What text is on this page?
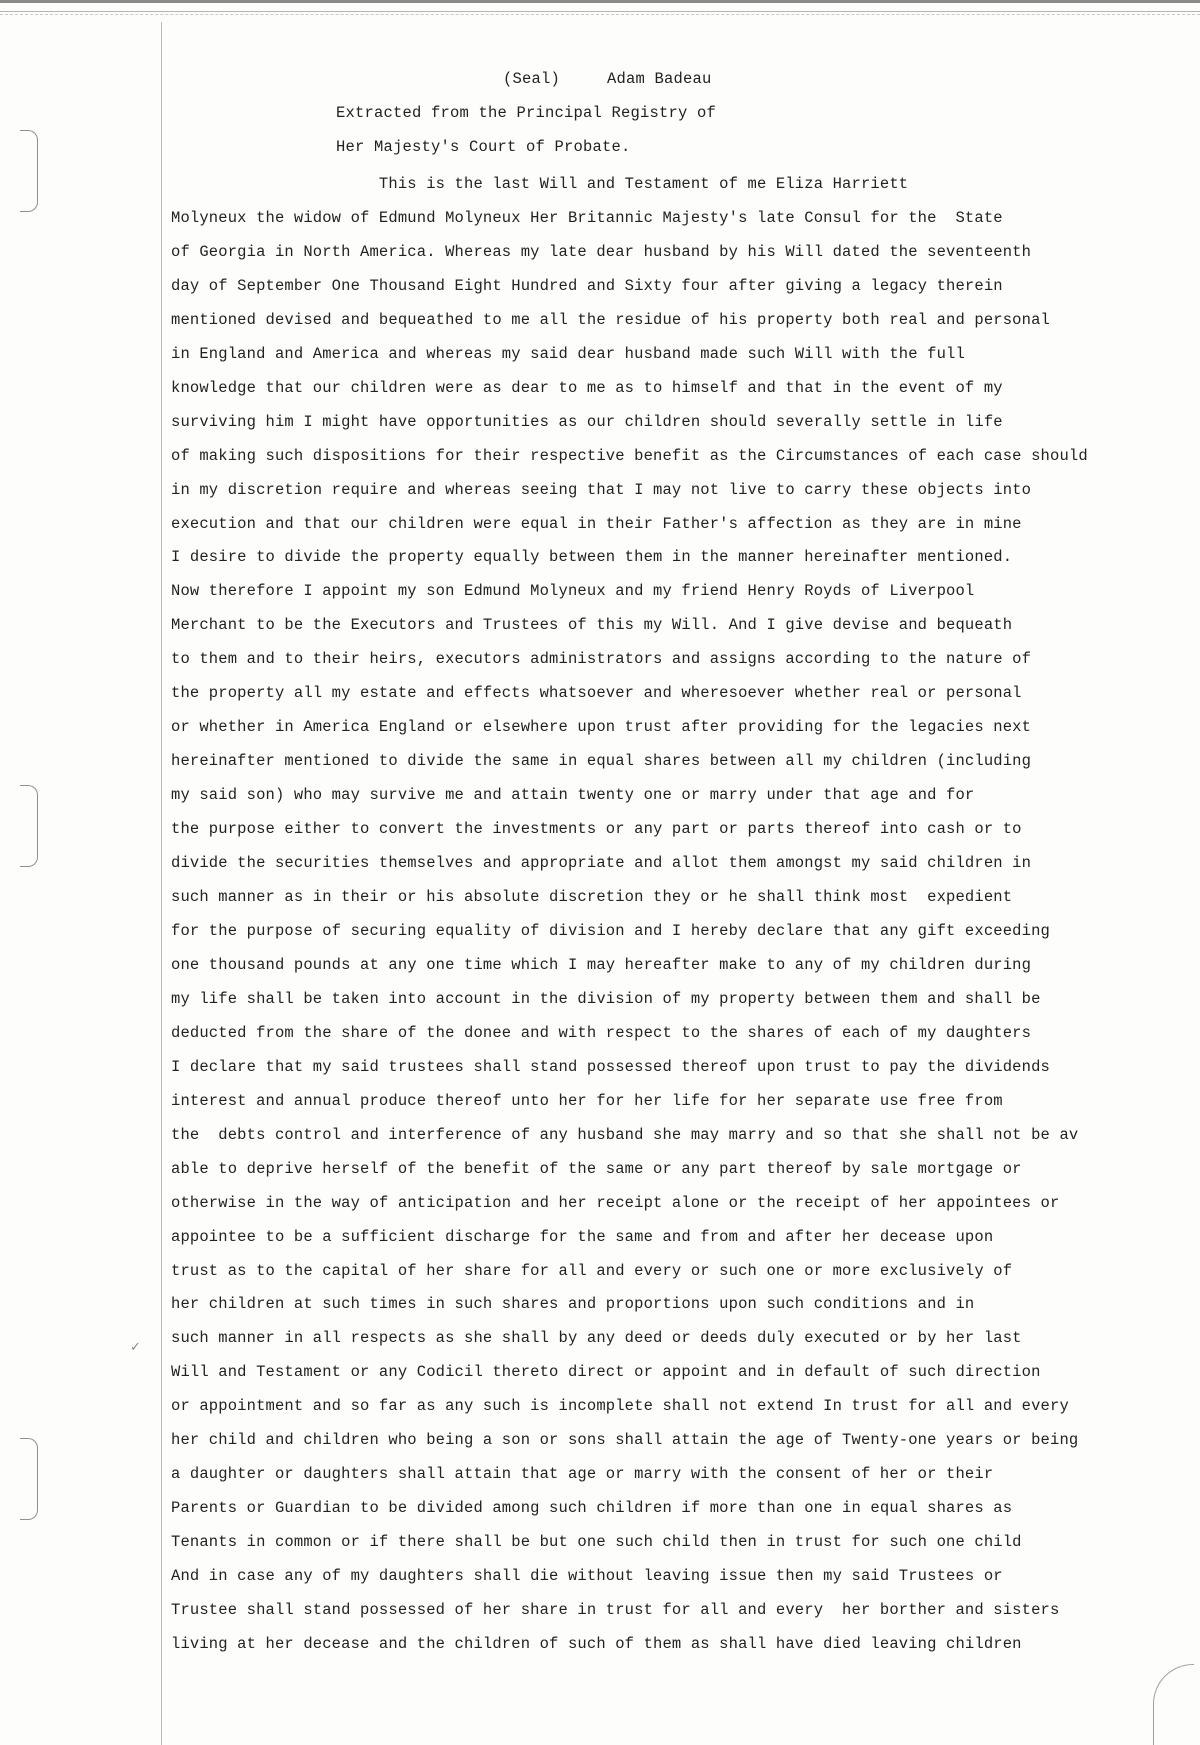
✓
(Seal)	Adam Badeau
Extracted from the Principal Registry of
Her Majesty's Court of Probate.
This is the last Will and Testament of me Eliza Harriett
Molyneux the widow of Edmund Molyneux Her Britannic Majesty's late Consul for the  State
of Georgia in North America. Whereas my late dear husband by his Will dated the seventeenth
day of September One Thousand Eight Hundred and Sixty four after giving a legacy therein
mentioned devised and bequeathed to me all the residue of his property both real and personal
in England and America and whereas my said dear husband made such Will with the full
knowledge that our children were as dear to me as to himself and that in the event of my
surviving him I might have opportunities as our children should severally settle in life
of making such dispositions for their respective benefit as the Circumstances of each case should
in my discretion require and whereas seeing that I may not live to carry these objects into
execution and that our children were equal in their Father's affection as they are in mine
I desire to divide the property equally between them in the manner hereinafter mentioned.
Now therefore I appoint my son Edmund Molyneux and my friend Henry Royds of Liverpool
Merchant to be the Executors and Trustees of this my Will. And I give devise and bequeath
to them and to their heirs, executors administrators and assigns according to the nature of
the property all my estate and effects whatsoever and wheresoever whether real or personal
or whether in America England or elsewhere upon trust after providing for the legacies next
hereinafter mentioned to divide the same in equal shares between all my children (including
my said son) who may survive me and attain twenty one or marry under that age and for
the purpose either to convert the investments or any part or parts thereof into cash or to
divide the securities themselves and appropriate and allot them amongst my said children in
such manner as in their or his absolute discretion they or he shall think most  expedient
for the purpose of securing equality of division and I hereby declare that any gift exceeding
one thousand pounds at any one time which I may hereafter make to any of my children during
my life shall be taken into account in the division of my property between them and shall be
deducted from the share of the donee and with respect to the shares of each of my daughters
I declare that my said trustees shall stand possessed thereof upon trust to pay the dividends
interest and annual produce thereof unto her for her life for her separate use free from
the  debts control and interference of any husband she may marry and so that she shall not be av
able to deprive herself of the benefit of the same or any part thereof by sale mortgage or
otherwise in the way of anticipation and her receipt alone or the receipt of her appointees or
appointee to be a sufficient discharge for the same and from and after her decease upon
trust as to the capital of her share for all and every or such one or more exclusively of
her children at such times in such shares and proportions upon such conditions and in
such manner in all respects as she shall by any deed or deeds duly executed or by her last
Will and Testament or any Codicil thereto direct or appoint and in default of such direction
or appointment and so far as any such is incomplete shall not extend In trust for all and every
her child and children who being a son or sons shall attain the age of Twenty-one years or being
a daughter or daughters shall attain that age or marry with the consent of her or their
Parents or Guardian to be divided among such children if more than one in equal shares as
Tenants in common or if there shall be but one such child then in trust for such one child
And in case any of my daughters shall die without leaving issue then my said Trustees or
Trustee shall stand possessed of her share in trust for all and every  her borther and sisters
living at her decease and the children of such of them as shall have died leaving children
